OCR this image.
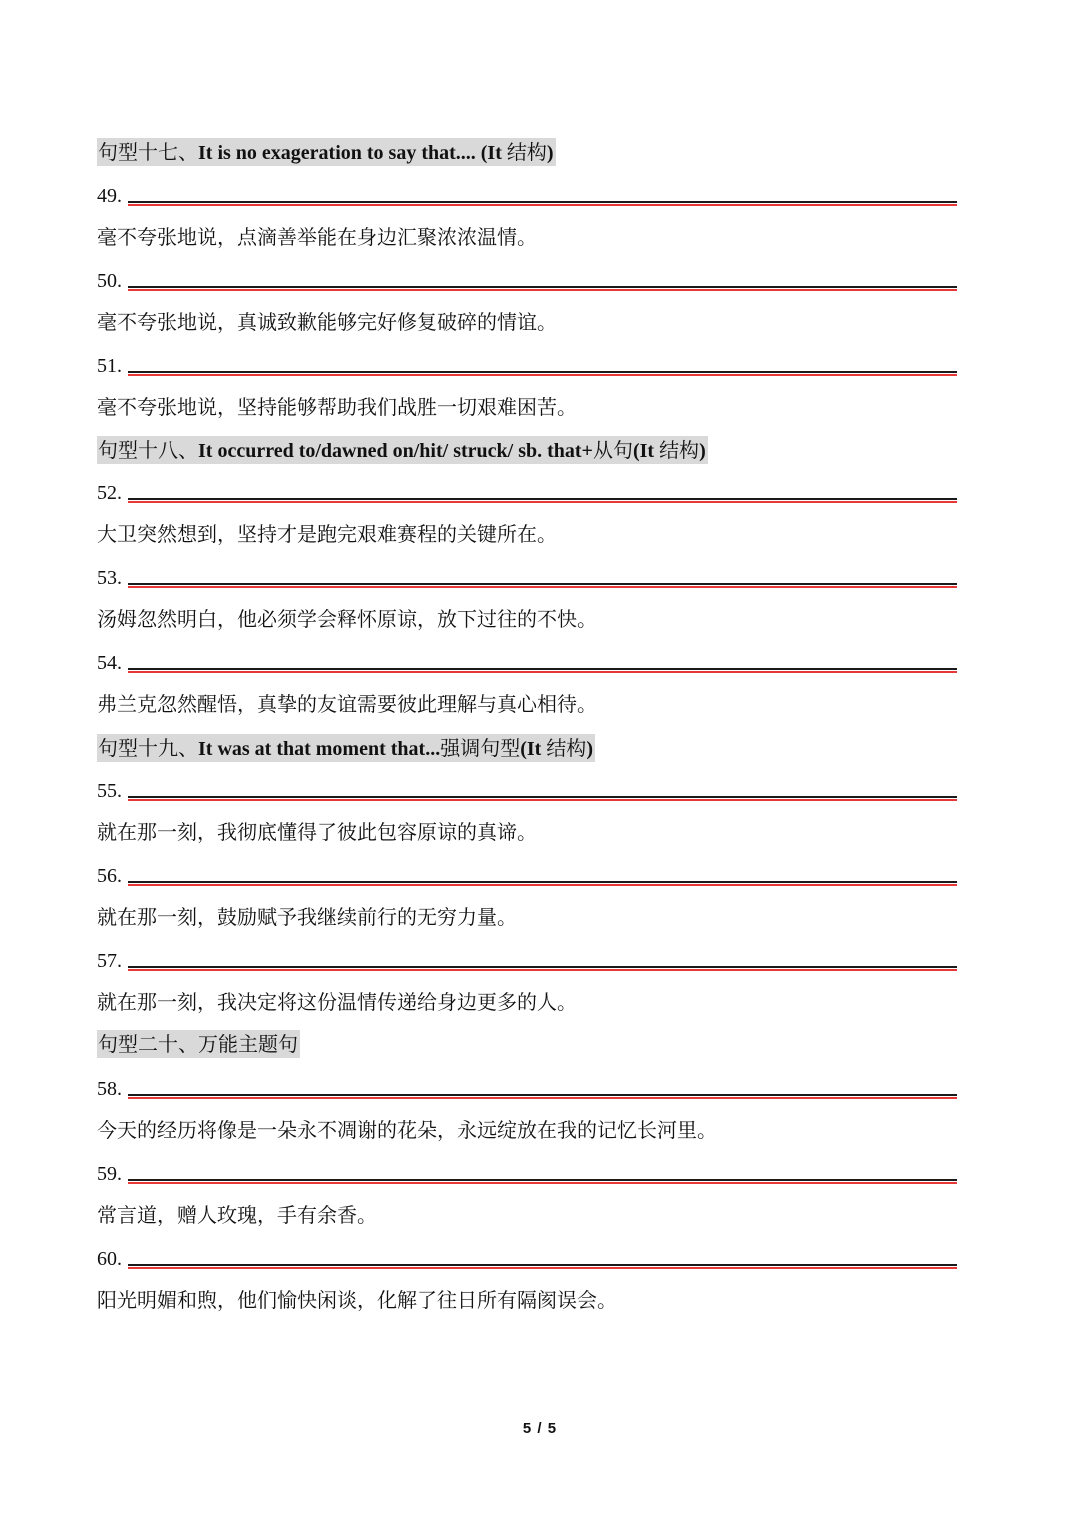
句型十七、It is no exageration to say that.... (It 结构)
49.
毫不夸张地说，点滴善举能在身边汇聚浓浓温情。
50.
毫不夸张地说，真诚致歉能够完好修复破碎的情谊。
51.
毫不夸张地说，坚持能够帮助我们战胜一切艰难困苦。
句型十八、It occurred to/dawned on/hit/ struck/ sb. that+从句(It 结构)
52.
大卫突然想到，坚持才是跑完艰难赛程的关键所在。
53.
汤姆忽然明白，他必须学会释怀原谅，放下过往的不快。
54.
弗兰克忽然醒悟，真挚的友谊需要彼此理解与真心相待。
句型十九、It was at that moment that...强调句型(It 结构)
55.
就在那一刻，我彻底懂得了彼此包容原谅的真谛。
56.
就在那一刻，鼓励赋予我继续前行的无穷力量。
57.
就在那一刻，我决定将这份温情传递给身边更多的人。
句型二十、万能主题句
58.
今天的经历将像是一朵永不凋谢的花朵，永远绽放在我的记忆长河里。
59.
常言道，赠人玫瑰，手有余香。
60.
阳光明媚和煦，他们愉快闲谈，化解了往日所有隔阂误会。
5 / 5
